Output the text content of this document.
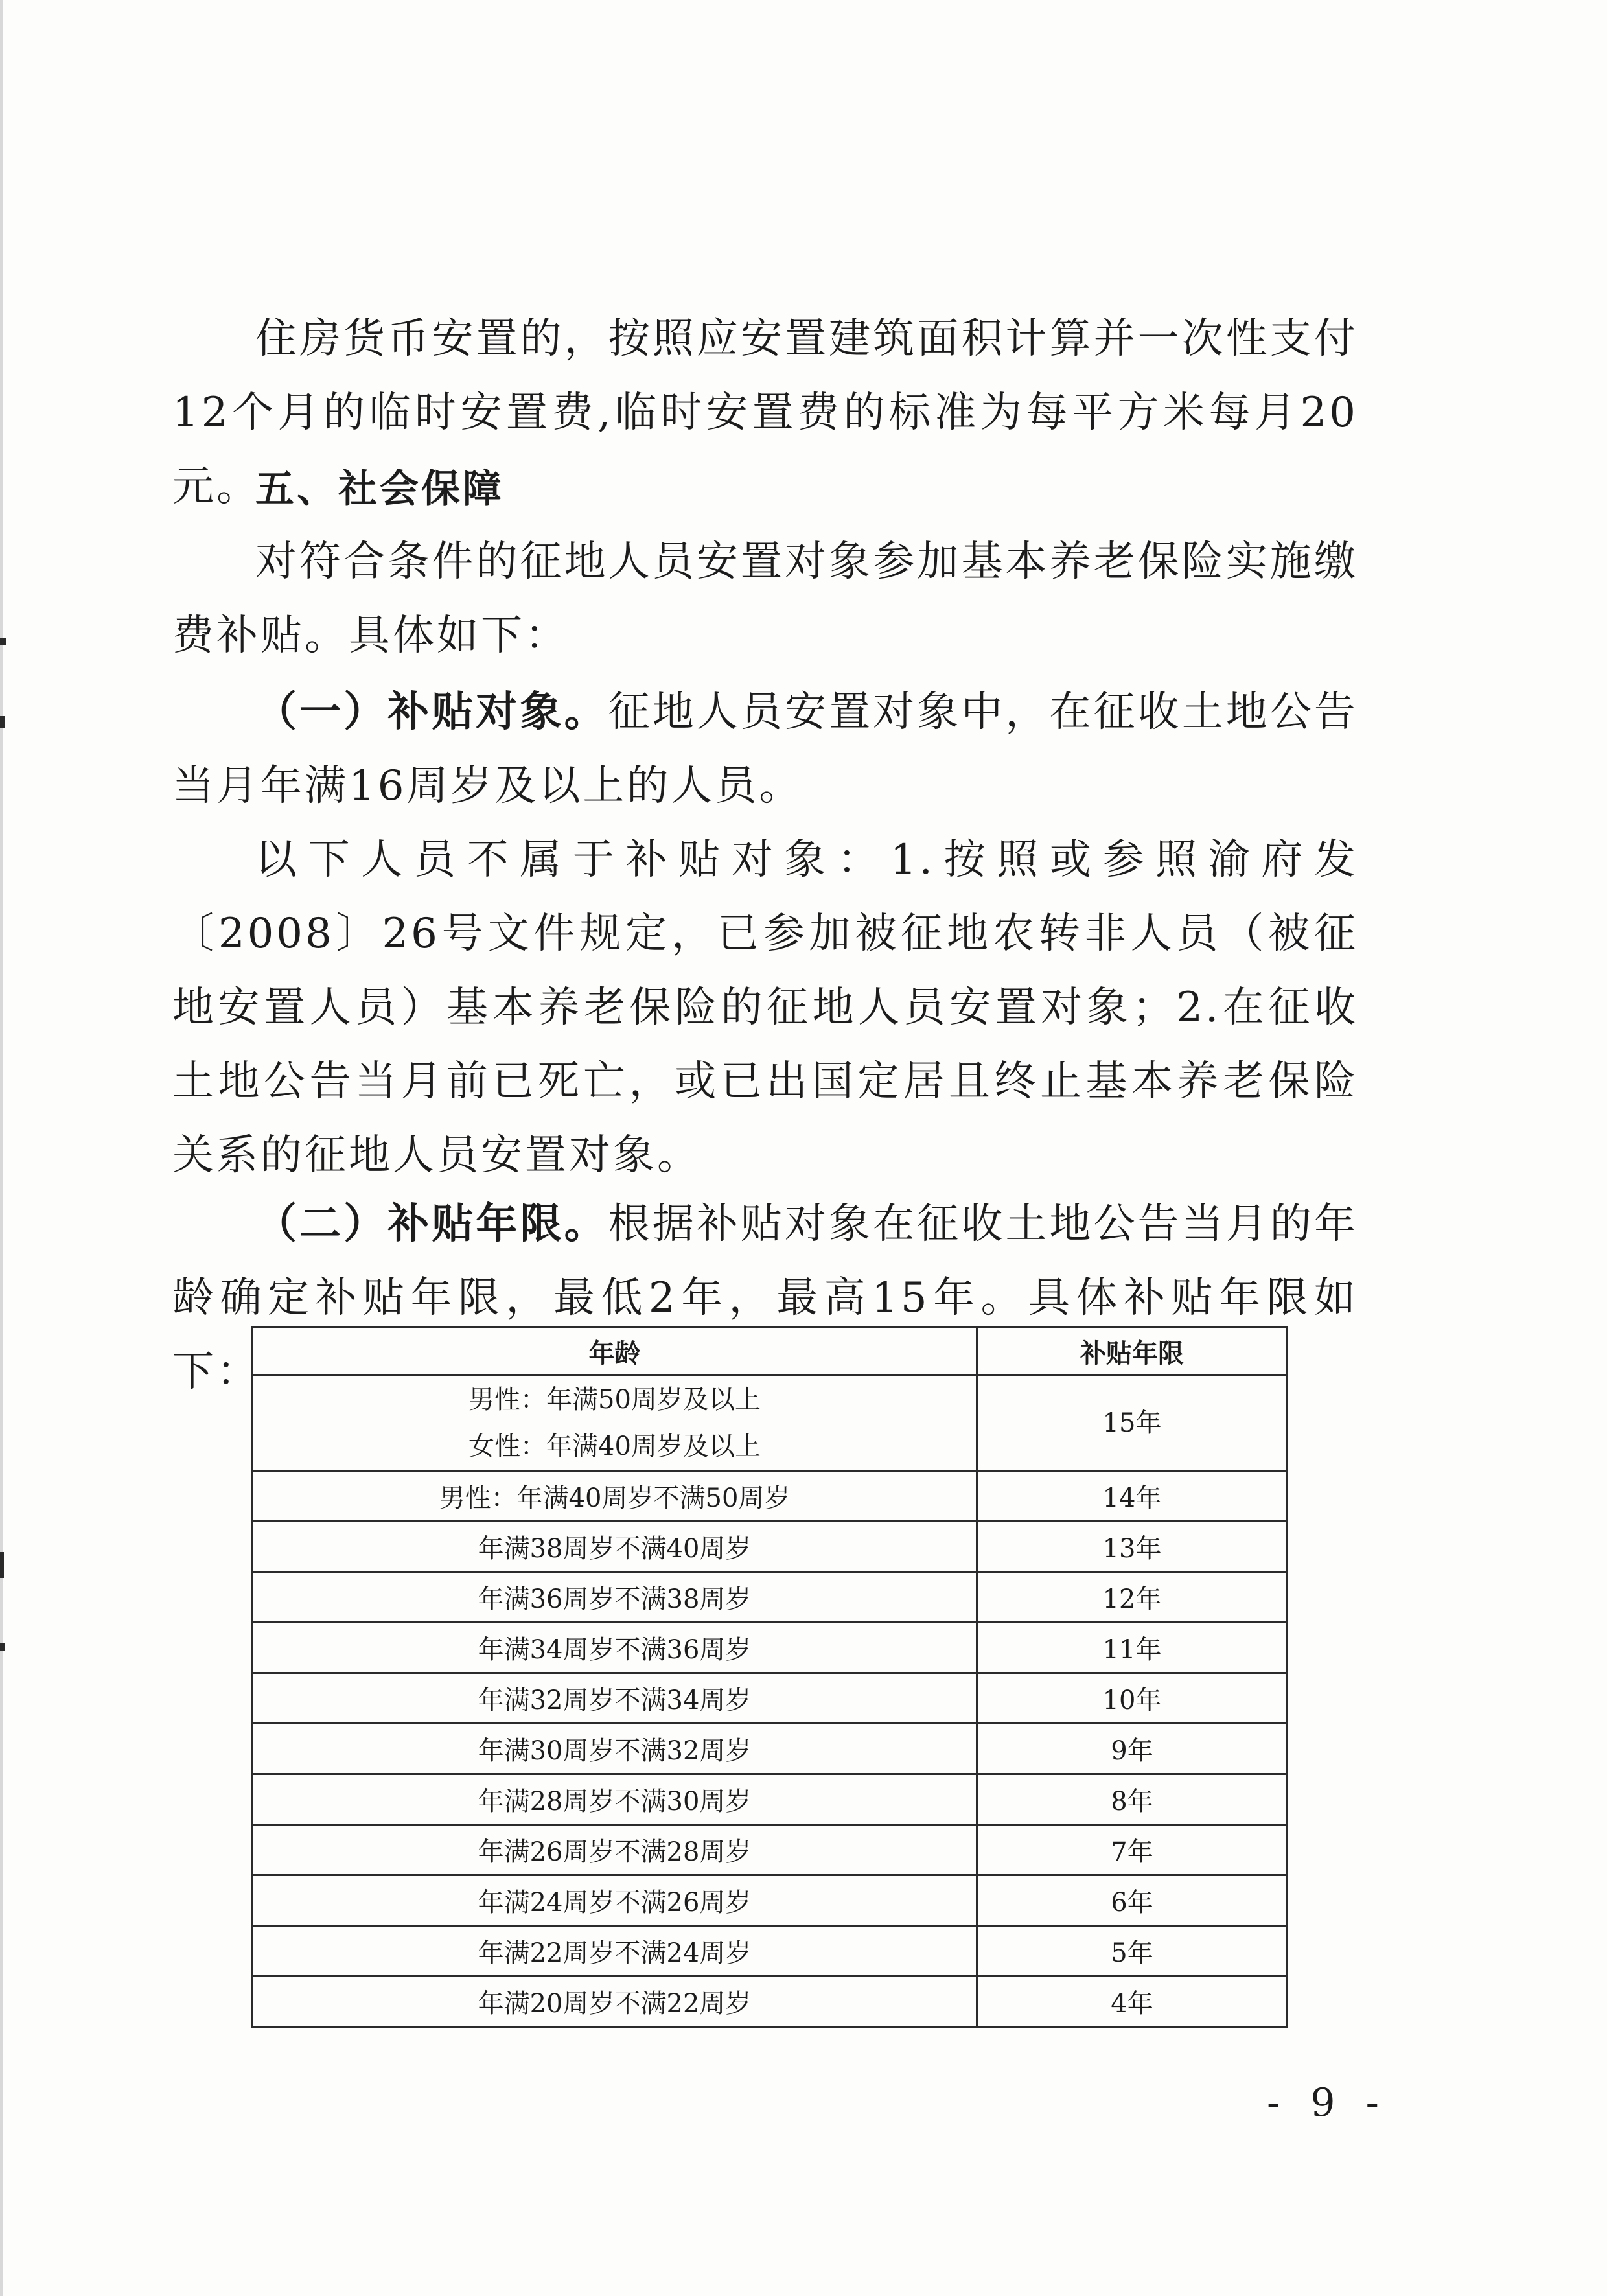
住房货币安置的，按照应安置建筑面积计算并一次性支付12个月的临时安置费,临时安置费的标准为每平方米每月20元。

五、社会保障

对符合条件的征地人员安置对象参加基本养老保险实施缴费补贴。具体如下：

（一）补贴对象。征地人员安置对象中，在征收土地公告当月年满16周岁及以上的人员。

以下人员不属于补贴对象：1.按照或参照渝府发〔2008〕26号文件规定，已参加被征地农转非人员（被征地安置人员）基本养老保险的征地人员安置对象；2.在征收土地公告当月前已死亡，或已出国定居且终止基本养老保险关系的征地人员安置对象。

（二）补贴年限。根据补贴对象在征收土地公告当月的年龄确定补贴年限，最低2年，最高15年。具体补贴年限如下：	年龄	补贴年限

男性：年满50周岁及以上
女性：年满40周岁及以上	15年
男性：年满40周岁不满50周岁	14年
年满38周岁不满40周岁	13年
年满36周岁不满38周岁	12年
年满34周岁不满36周岁	11年
年满32周岁不满34周岁	10年
年满30周岁不满32周岁	9年
年满28周岁不满30周岁	8年
年满26周岁不满28周岁	7年
年满24周岁不满26周岁	6年
年满22周岁不满24周岁	5年
年满20周岁不满22周岁	4年
- 9 -
